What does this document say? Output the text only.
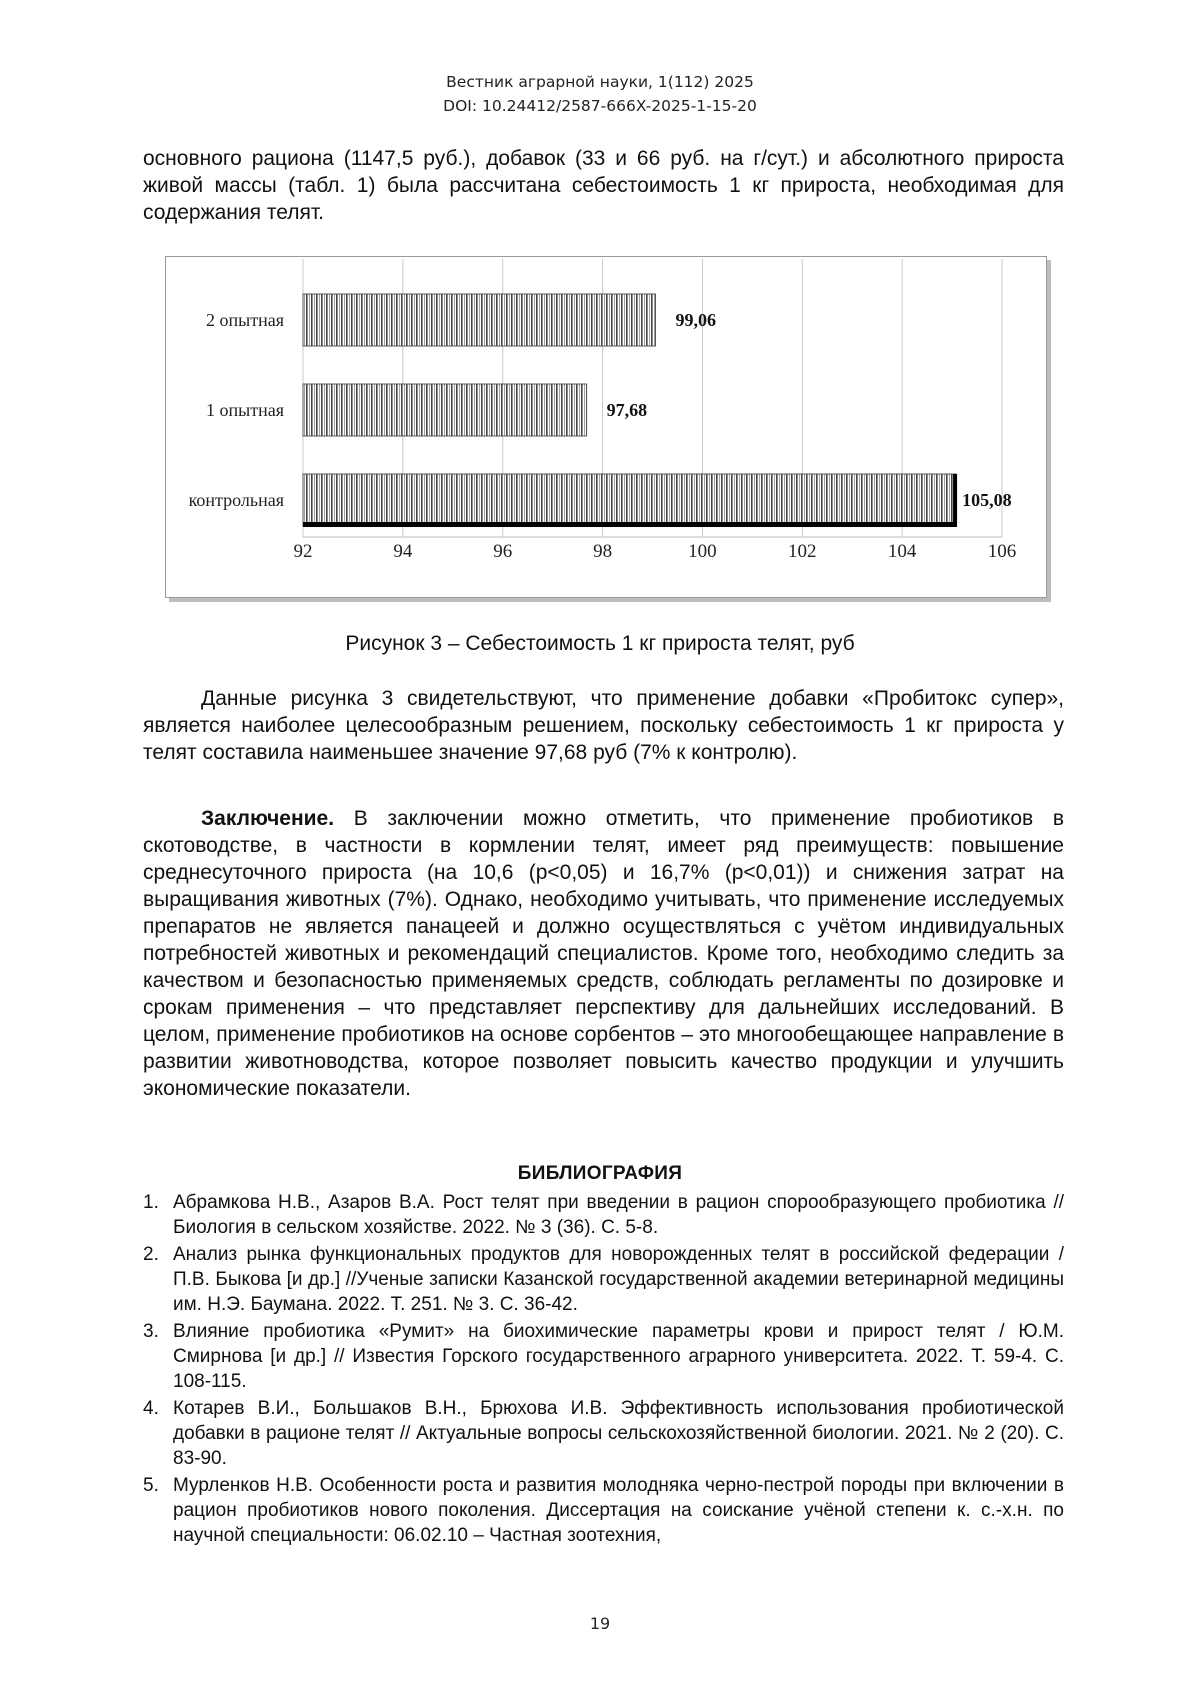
Вестник аграрной науки, 1(112) 2025
DOI: 10.24412/2587-666X-2025-1-15-20

основного рациона (1147,5 руб.), добавок (33 и 66 руб. на г/сут.) и абсолютного прироста живой массы (табл. 1) была рассчитана себестоимость 1 кг прироста, необходимая для содержания телят.

92	94	96	98	100	102	104	106
2 опытная	99,06
1 опытная	97,68
контрольная	105,08
Рисунок 3 – Себестоимость 1 кг прироста телят, руб

Данные рисунка 3 свидетельствуют, что применение добавки «Пробитокс супер», является наиболее целесообразным решением, поскольку себестоимость 1 кг прироста у телят составила наименьшее значение 97,68 руб (7% к контролю).

Заключение. В заключении можно отметить, что применение пробиотиков в скотоводстве, в частности в кормлении телят, имеет ряд преимуществ: повышение среднесуточного прироста (на 10,6 (р<0,05) и 16,7% (р<0,01)) и снижения затрат на выращивания животных (7%). Однако, необходимо учитывать, что применение исследуемых препаратов не является панацеей и должно осуществляться с учётом индивидуальных потребностей животных и рекомендаций специалистов. Кроме того, необходимо следить за качеством и безопасностью применяемых средств, соблюдать регламенты по дозировке и срокам применения – что представляет перспективу для дальнейших исследований. В целом, применение пробиотиков на основе сорбентов – это многообещающее направление в развитии животноводства, которое позволяет повысить качество продукции и улучшить экономические показатели.

БИБЛИОГРАФИЯ
1. Абрамкова Н.В., Азаров В.А. Рост телят при введении в рацион спорообразующего пробиотика // Биология в сельском хозяйстве. 2022. № 3 (36). С. 5-8.
2. Анализ рынка функциональных продуктов для новорожденных телят в российской федерации / П.В. Быкова [и др.] //Ученые записки Казанской государственной академии ветеринарной медицины им. Н.Э. Баумана. 2022. Т. 251. № 3. С. 36-42.
3. Влияние пробиотика «Румит» на биохимические параметры крови и прирост телят / Ю.М. Смирнова [и др.] // Известия Горского государственного аграрного университета. 2022. Т. 59-4. С. 108-115.
4. Котарев В.И., Большаков В.Н., Брюхова И.В. Эффективность использования пробиотической добавки в рационе телят // Актуальные вопросы сельскохозяйственной биологии. 2021. № 2 (20). С. 83-90.
5. Мурленков Н.В. Особенности роста и развития молодняка черно-пестрой породы при включении в рацион пробиотиков нового поколения. Диссертация на соискание учёной степени к. с.-х.н. по научной специальности: 06.02.10 – Частная зоотехния,
19
